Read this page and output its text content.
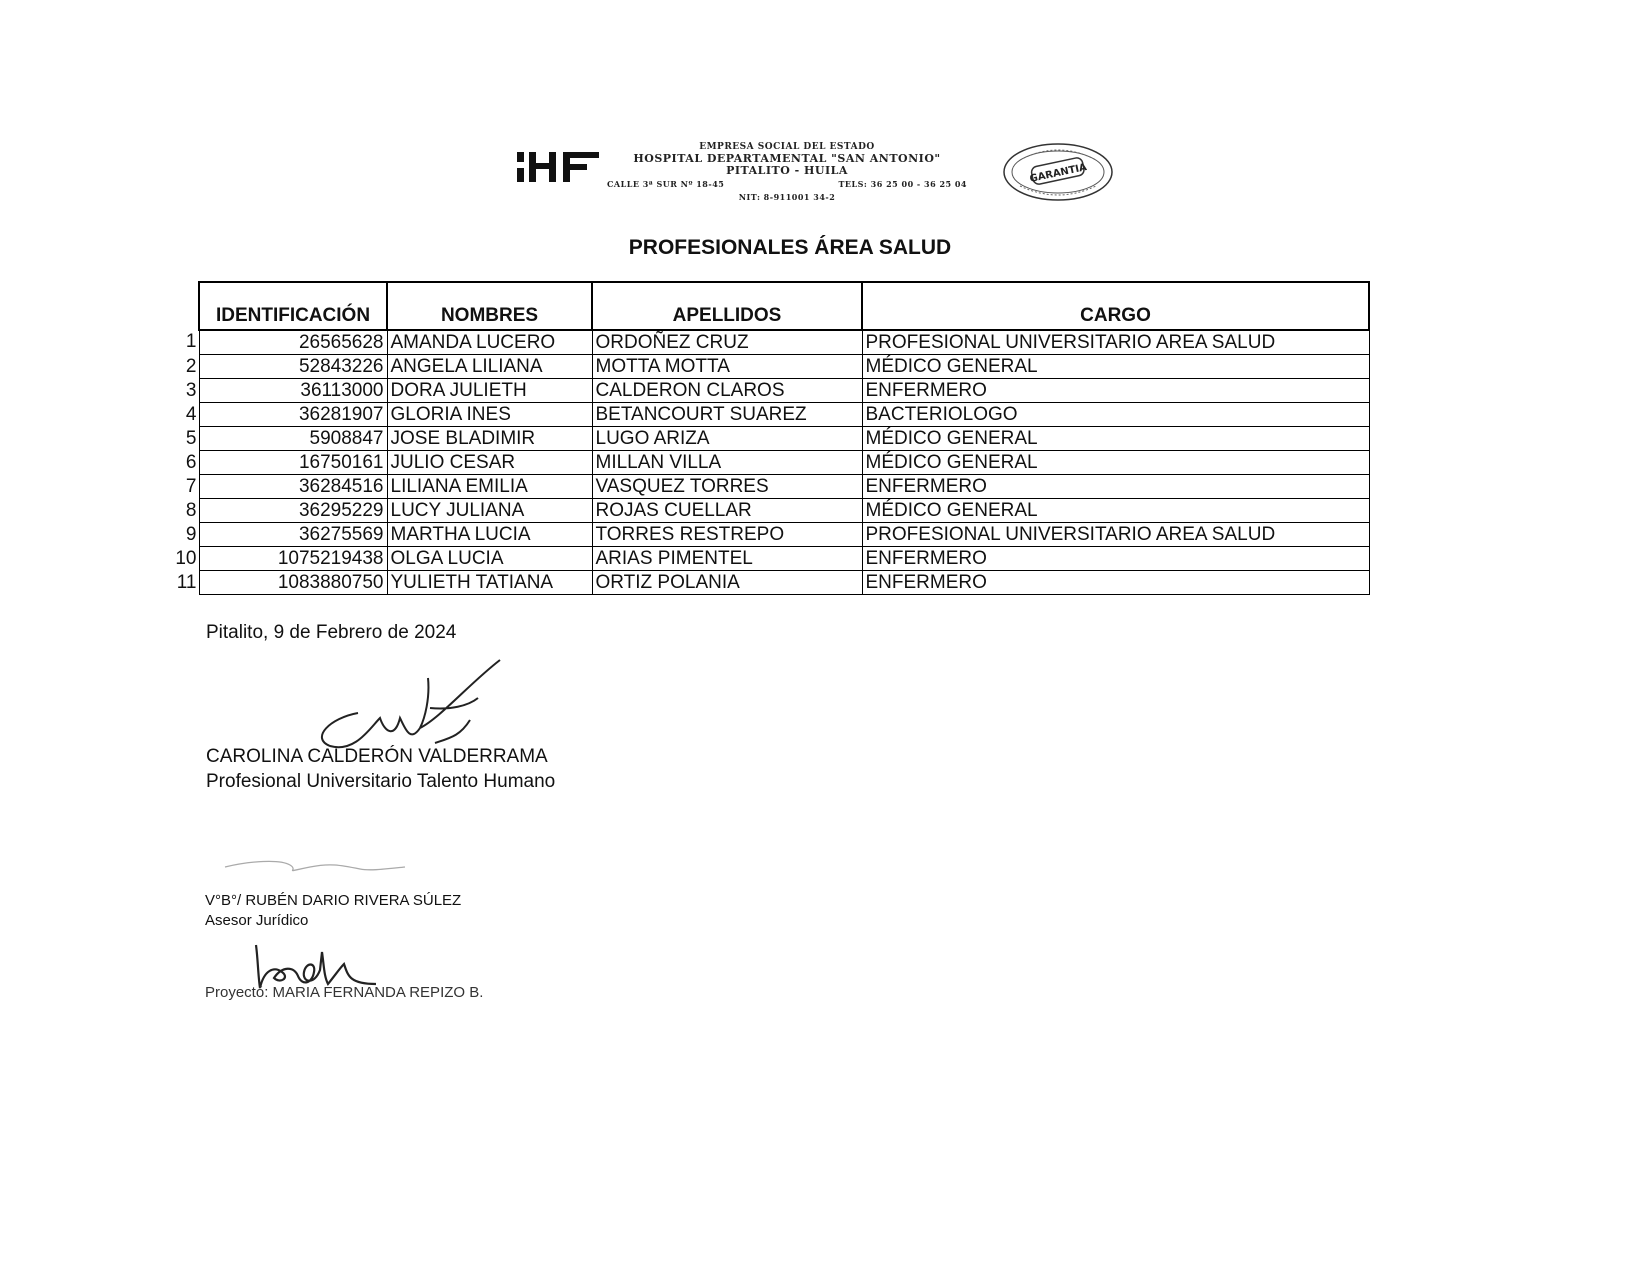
EMPRESA SOCIAL DEL ESTADO
HOSPITAL DEPARTAMENTAL "SAN ANTONIO"
PITALITO - HUILA
CALLE 3ª SUR Nº 18-45	TELS: 36 25 00 - 36 25 04
NIT: 8-911001 34-2
GARANTIA
PROFESIONALES ÁREA SALUD
	IDENTIFICACIÓN	NOMBRES	APELLIDOS	CARGO
1	26565628	AMANDA LUCERO	ORDOÑEZ CRUZ	PROFESIONAL UNIVERSITARIO AREA SALUD
2	52843226	ANGELA LILIANA	MOTTA MOTTA	MÉDICO GENERAL
3	36113000	DORA JULIETH	CALDERON CLAROS	ENFERMERO
4	36281907	GLORIA INES	BETANCOURT SUAREZ	BACTERIOLOGO
5	5908847	JOSE BLADIMIR	LUGO ARIZA	MÉDICO GENERAL
6	16750161	JULIO CESAR	MILLAN VILLA	MÉDICO GENERAL
7	36284516	LILIANA EMILIA	VASQUEZ TORRES	ENFERMERO
8	36295229	LUCY JULIANA	ROJAS CUELLAR	MÉDICO GENERAL
9	36275569	MARTHA LUCIA	TORRES RESTREPO	PROFESIONAL UNIVERSITARIO AREA SALUD
10	1075219438	OLGA LUCIA	ARIAS PIMENTEL	ENFERMERO
11	1083880750	YULIETH TATIANA	ORTIZ POLANIA	ENFERMERO
Pitalito, 9 de Febrero de 2024
CAROLINA CALDERÓN VALDERRAMA
Profesional Universitario Talento Humano
V°B°/ RUBÉN DARIO RIVERA SÚLEZ
Asesor Jurídico
Proyectó: MARIA FERNANDA REPIZO B.
